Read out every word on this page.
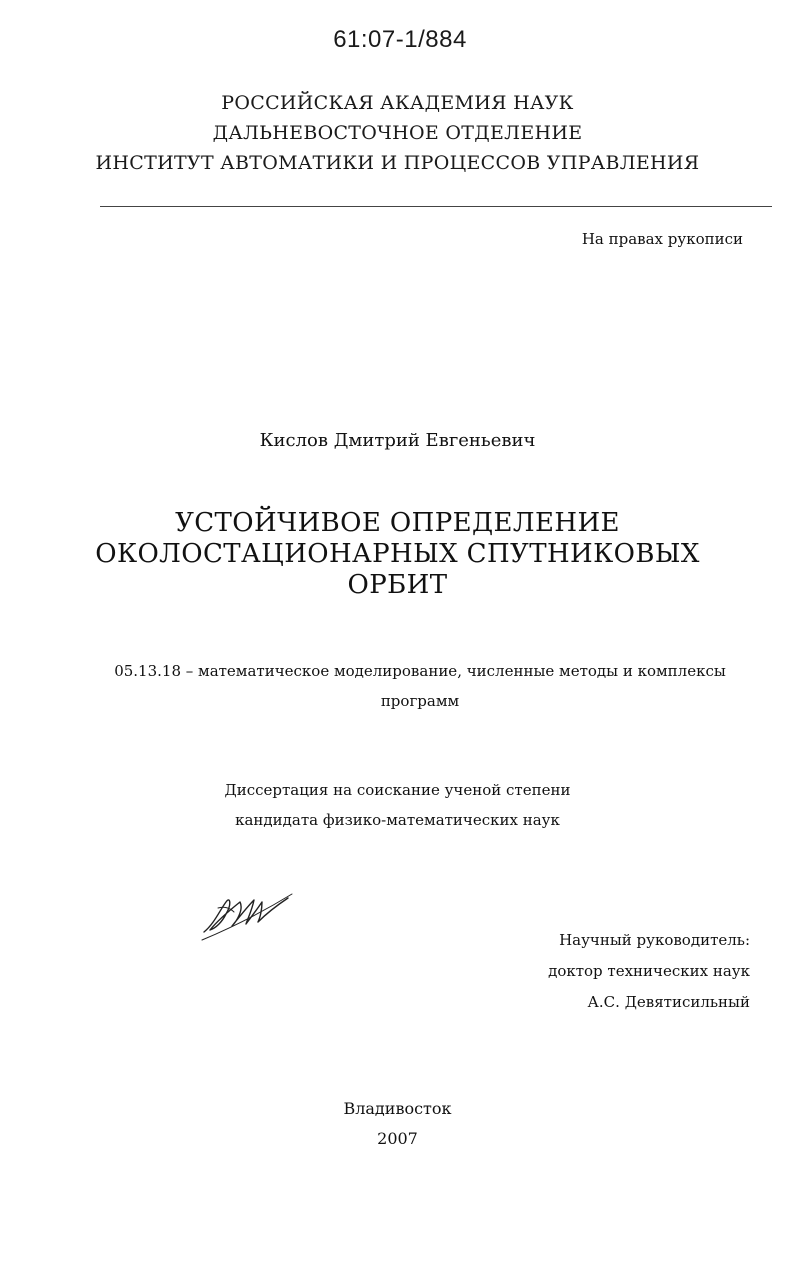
61:07-1/884
РОССИЙСКАЯ АКАДЕМИЯ НАУК
ДАЛЬНЕВОСТОЧНОЕ ОТДЕЛЕНИЕ
ИНСТИТУТ АВТОМАТИКИ И ПРОЦЕССОВ УПРАВЛЕНИЯ
На правах рукописи
Кислов Дмитрий Евгеньевич
УСТОЙЧИВОЕ ОПРЕДЕЛЕНИЕ
ОКОЛОСТАЦИОНАРНЫХ СПУТНИКОВЫХ
ОРБИТ
05.13.18 – математическое моделирование, численные методы и комплексы
программ
Диссертация на соискание ученой степени
кандидата физико-математических наук
Научный руководитель:
доктор технических наук
А.С. Девятисильный
Владивосток
2007
